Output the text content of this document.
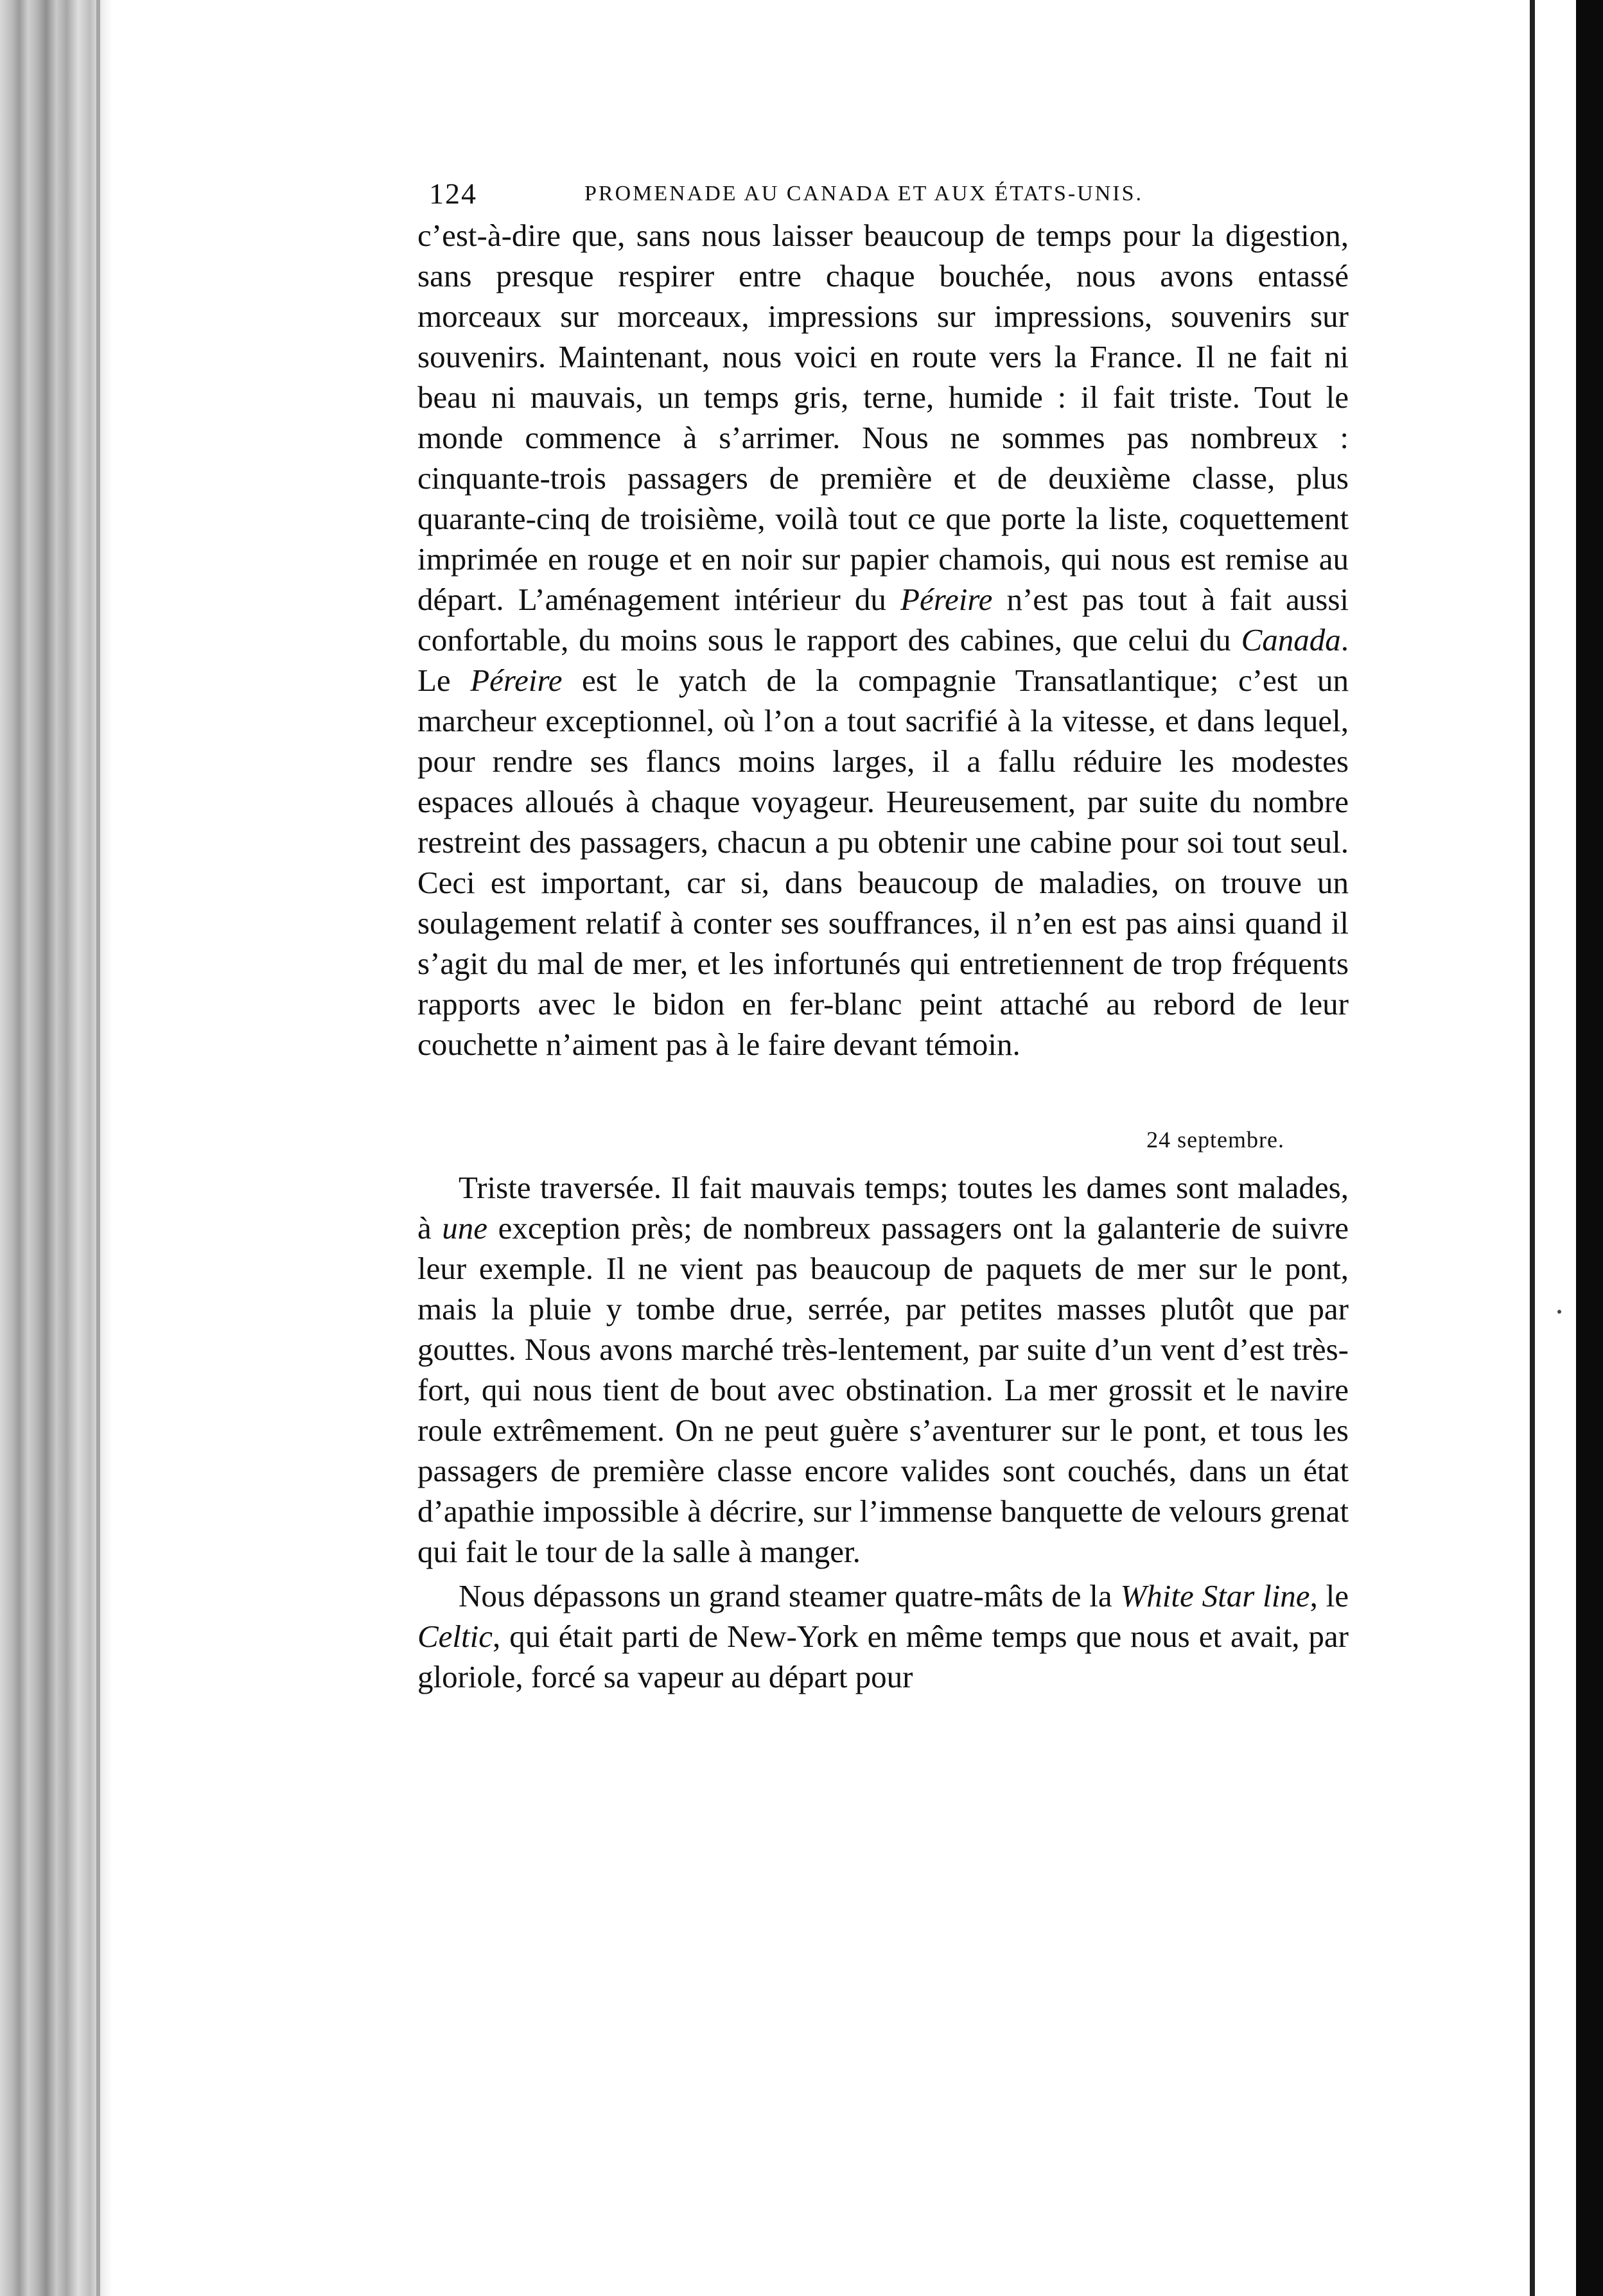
124	PROMENADE AU CANADA ET AUX ÉTATS-UNIS.

c’est-à-dire que, sans nous laisser beaucoup de temps pour la digestion, sans presque respirer entre chaque bouchée, nous avons entassé morceaux sur morceaux, impressions sur impressions, souvenirs sur souvenirs. Maintenant, nous voici en route vers la France. Il ne fait ni beau ni mauvais, un temps gris, terne, humide : il fait triste. Tout le monde commence à s’arrimer. Nous ne sommes pas nombreux : cinquante-trois passagers de première et de deuxième classe, plus quarante-cinq de troisième, voilà tout ce que porte la liste, coquettement imprimée en rouge et en noir sur papier chamois, qui nous est remise au départ. L’aménagement intérieur du Péreire n’est pas tout à fait aussi confortable, du moins sous le rapport des cabines, que celui du Canada. Le Péreire est le yatch de la compagnie Transatlantique; c’est un marcheur exceptionnel, où l’on a tout sacrifié à la vitesse, et dans lequel, pour rendre ses flancs moins larges, il a fallu réduire les modestes espaces alloués à chaque voyageur. Heureusement, par suite du nombre restreint des passagers, chacun a pu obtenir une cabine pour soi tout seul. Ceci est important, car si, dans beaucoup de maladies, on trouve un soulagement relatif à conter ses souffrances, il n’en est pas ainsi quand il s’agit du mal de mer, et les infortunés qui entretiennent de trop fréquents rapports avec le bidon en fer-blanc peint attaché au rebord de leur couchette n’aiment pas à le faire devant témoin.

24 septembre.

Triste traversée. Il fait mauvais temps; toutes les dames sont malades, à une exception près; de nombreux passagers ont la galanterie de suivre leur exemple. Il ne vient pas beaucoup de paquets de mer sur le pont, mais la pluie y tombe drue, serrée, par petites masses plutôt que par gouttes. Nous avons marché très-lentement, par suite d’un vent d’est très-fort, qui nous tient de bout avec obstination. La mer grossit et le navire roule extrêmement. On ne peut guère s’aventurer sur le pont, et tous les passagers de première classe encore valides sont couchés, dans un état d’apathie impossible à décrire, sur l’immense banquette de velours grenat qui fait le tour de la salle à manger.

Nous dépassons un grand steamer quatre-mâts de la White Star line, le Celtic, qui était parti de New-York en même temps que nous et avait, par gloriole, forcé sa vapeur au départ pour
